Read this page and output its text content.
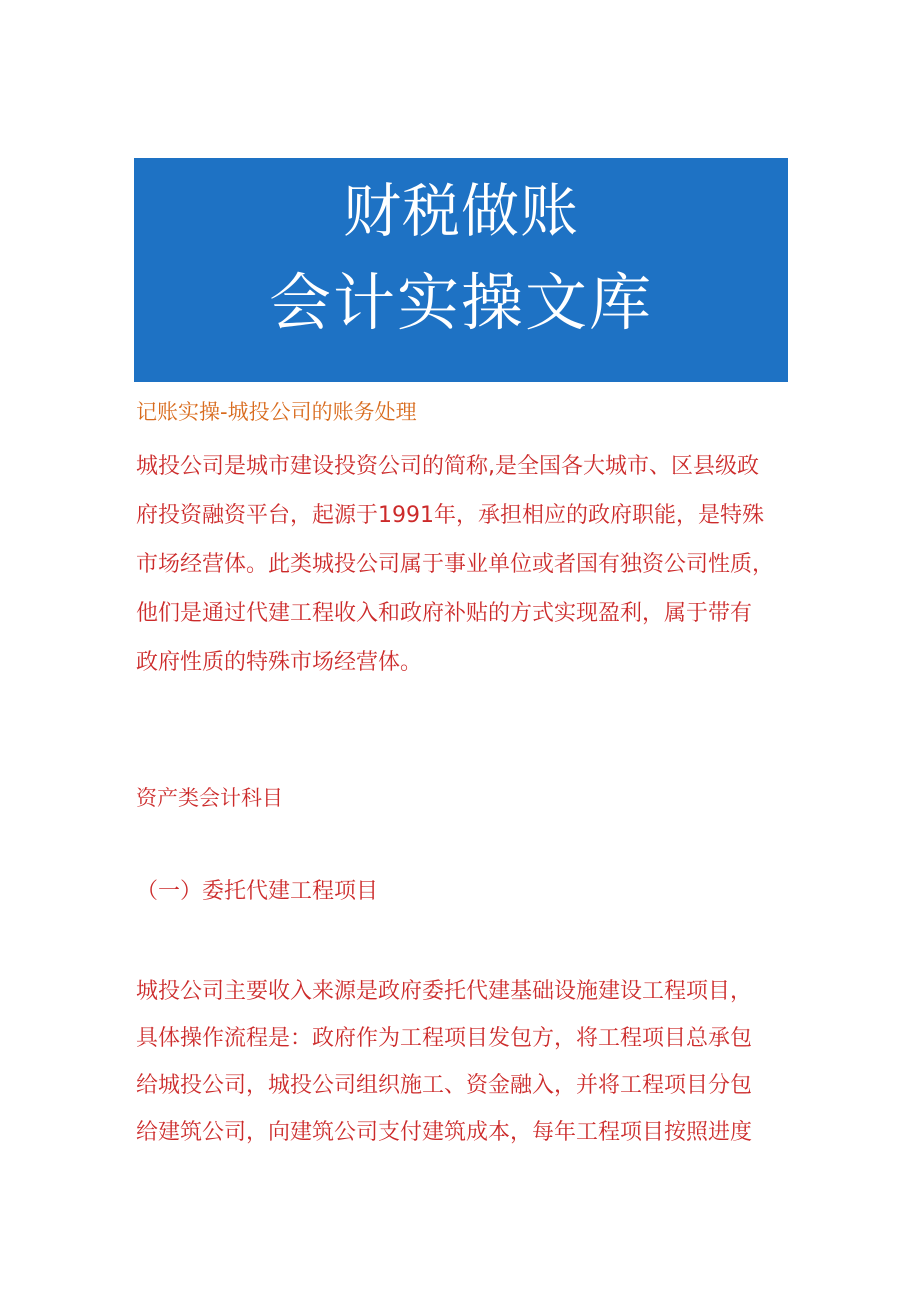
财税做账
会计实操文库
记账实操-城投公司的账务处理
城投公司是城市建设投资公司的简称,是全国各大城市、区县级政
府投资融资平台，起源于1991年，承担相应的政府职能，是特殊
市场经营体。此类城投公司属于事业单位或者国有独资公司性质，
他们是通过代建工程收入和政府补贴的方式实现盈利，属于带有
政府性质的特殊市场经营体。
资产类会计科目
（一）委托代建工程项目
城投公司主要收入来源是政府委托代建基础设施建设工程项目，
具体操作流程是：政府作为工程项目发包方，将工程项目总承包
给城投公司，城投公司组织施工、资金融入，并将工程项目分包
给建筑公司，向建筑公司支付建筑成本，每年工程项目按照进度
